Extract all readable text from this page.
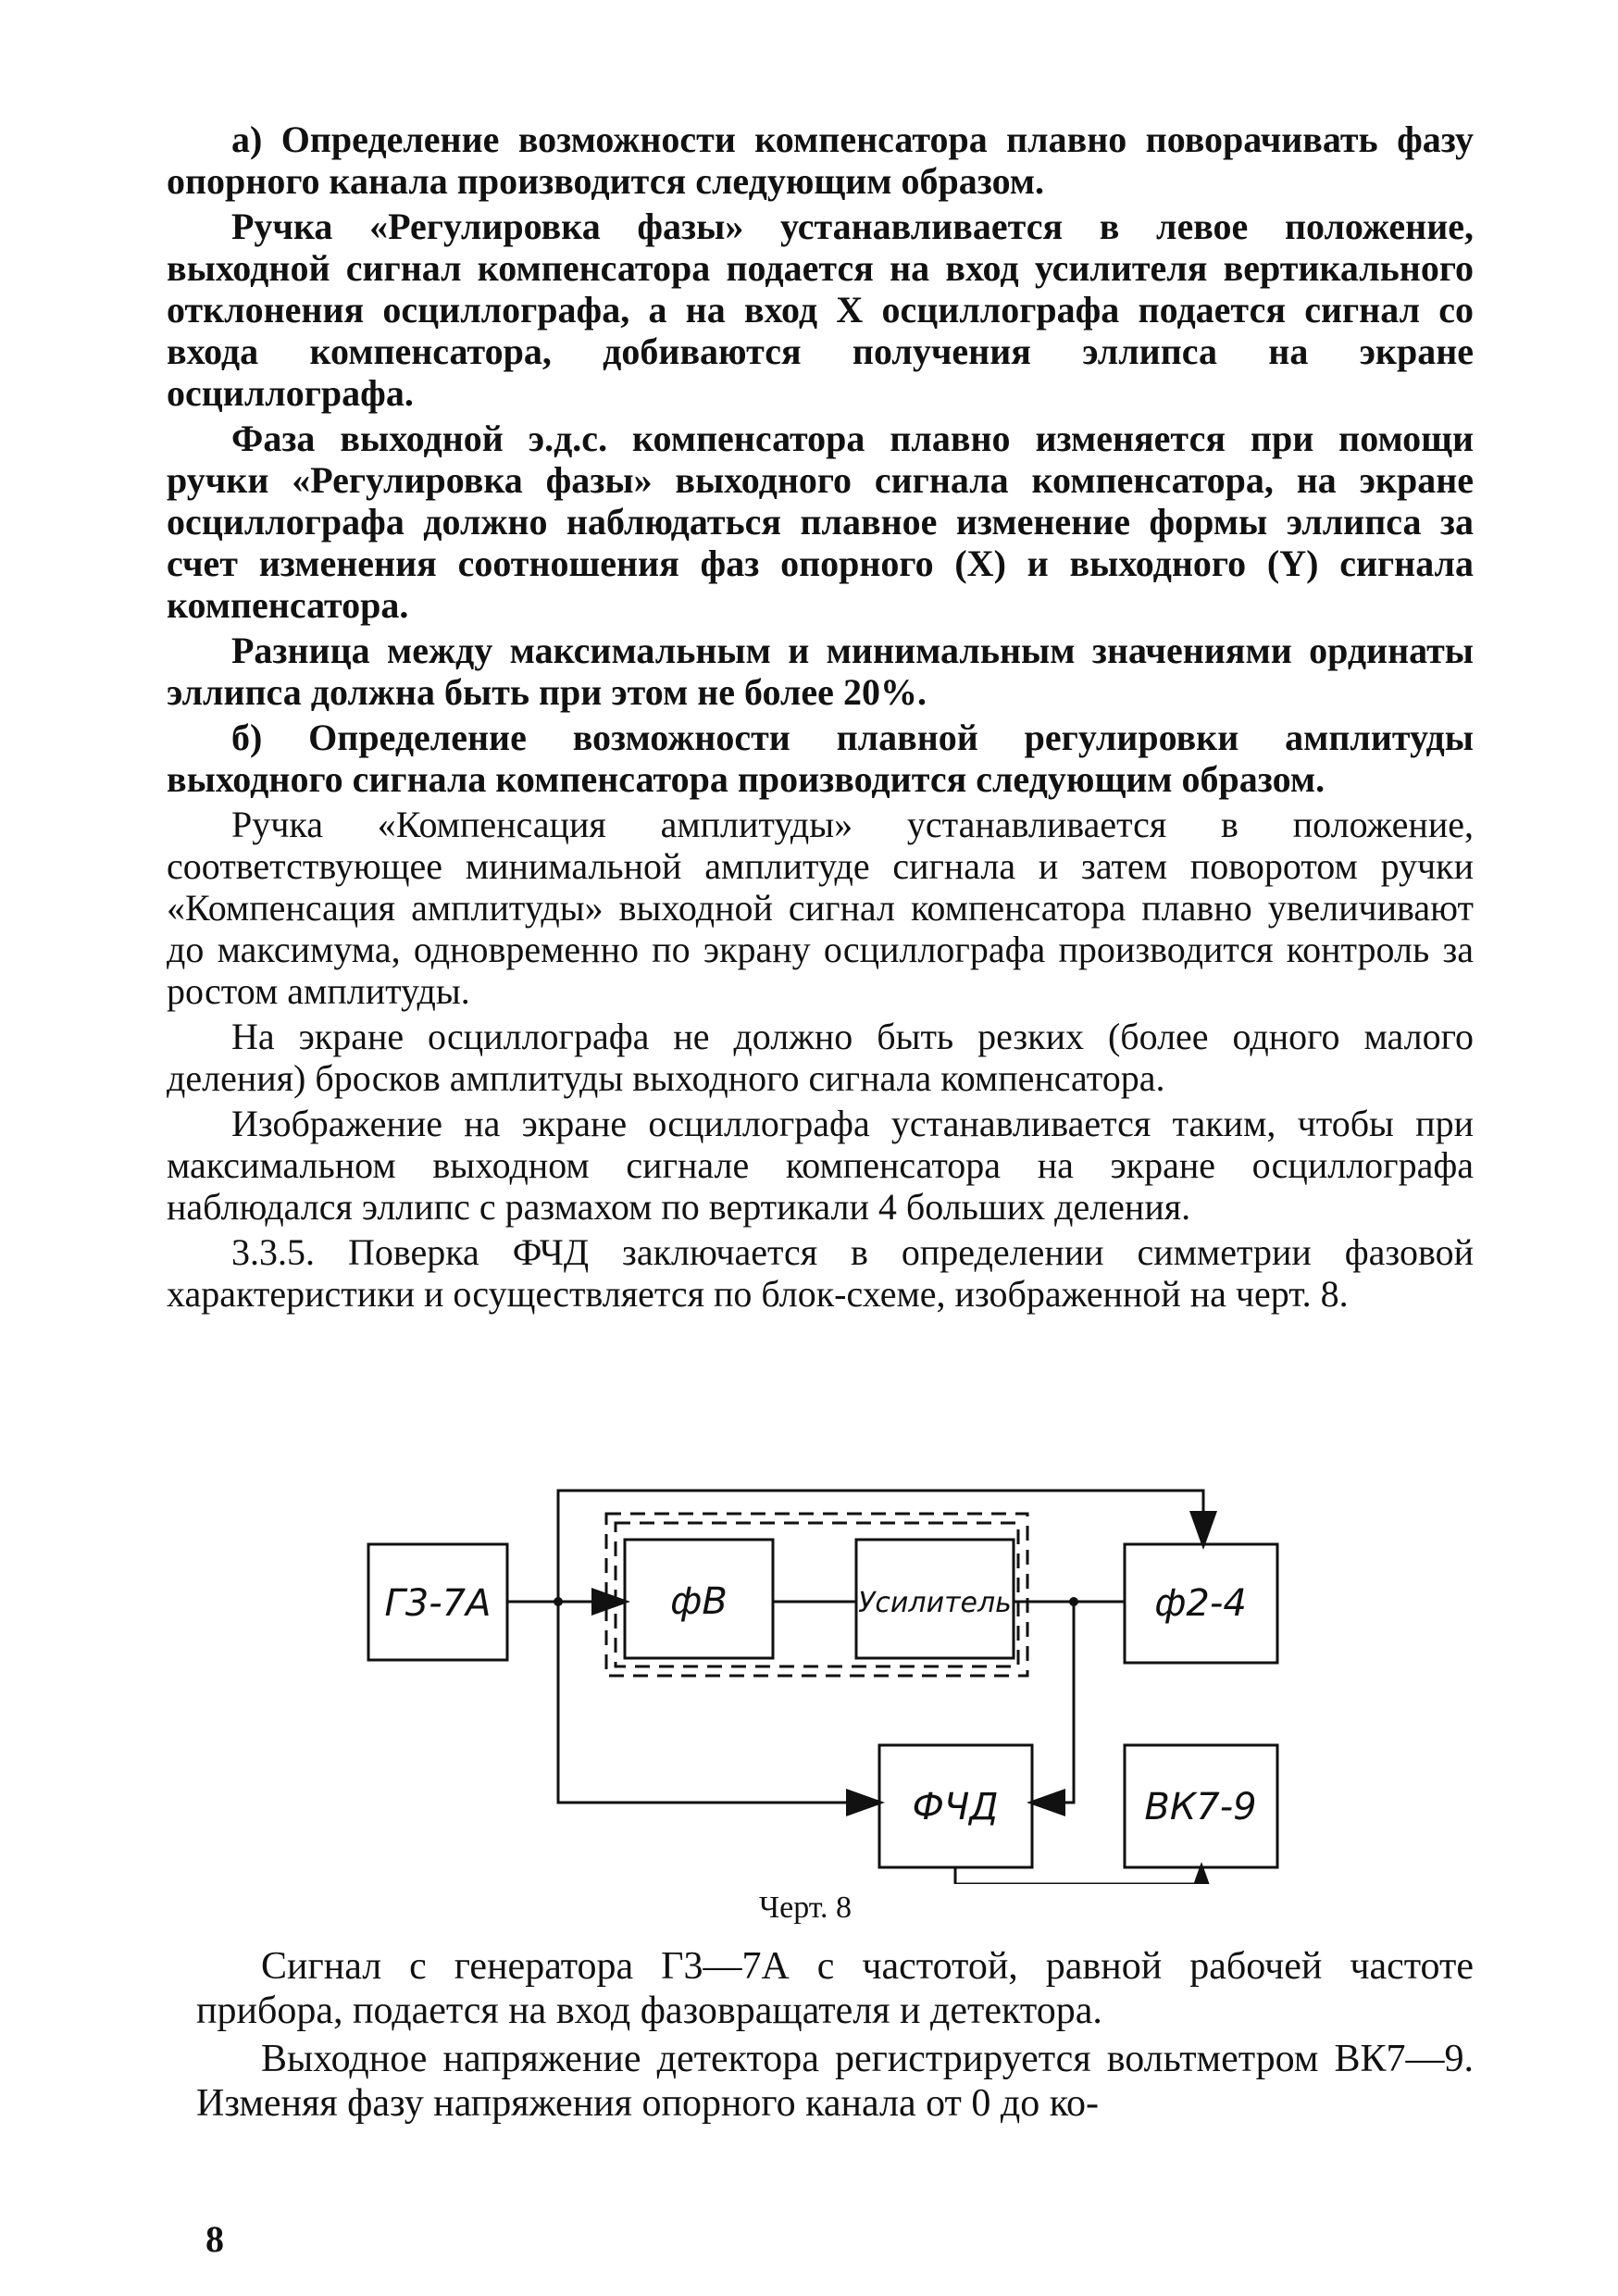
а) Определение возможности компенсатора плавно поворачивать фазу опорного канала производится следующим образом.

Ручка «Регулировка фазы» устанавливается в левое положение, выходной сигнал компенсатора подается на вход усилителя вертикального отклонения осциллографа, а на вход X осциллографа подается сигнал со входа компенсатора, добиваются получения эллипса на экране осциллографа.

Фаза выходной э.д.с. компенсатора плавно изменяется при помощи ручки «Регулировка фазы» выходного сигнала компенсатора, на экране осциллографа должно наблюдаться плавное изменение формы эллипса за счет изменения соотношения фаз опорного (X) и выходного (Y) сигнала компенсатора.

Разница между максимальным и минимальным значениями ординаты эллипса должна быть при этом не более 20%.

б) Определение возможности плавной регулировки амплитуды выходного сигнала компенсатора производится следующим образом.

Ручка «Компенсация амплитуды» устанавливается в положение, соответствующее минимальной амплитуде сигнала и затем поворотом ручки «Компенсация амплитуды» выходной сигнал компенсатора плавно увеличивают до максимума, одновременно по экрану осциллографа производится контроль за ростом амплитуды.

На экране осциллографа не должно быть резких (более одного малого деления) бросков амплитуды выходного сигнала компенсатора.

Изображение на экране осциллографа устанавливается таким, чтобы при максимальном выходном сигнале компенсатора на экране осциллографа наблюдался эллипс с размахом по вертикали 4 больших деления.

3.3.5. Поверка ФЧД заключается в определении симметрии фазовой характеристики и осуществляется по блок-схеме, изображенной на черт. 8.

Г3-7А	фВ	Усилитель	ф2-4
ФЧД	ВК7-9
Черт. 8

Сигнал с генератора Г3—7А с частотой, равной рабочей частоте прибора, подается на вход фазовращателя и детектора.

Выходное напряжение детектора регистрируется вольтметром ВК7—9. Изменяя фазу напряжения опорного канала от 0 до ко-

8
